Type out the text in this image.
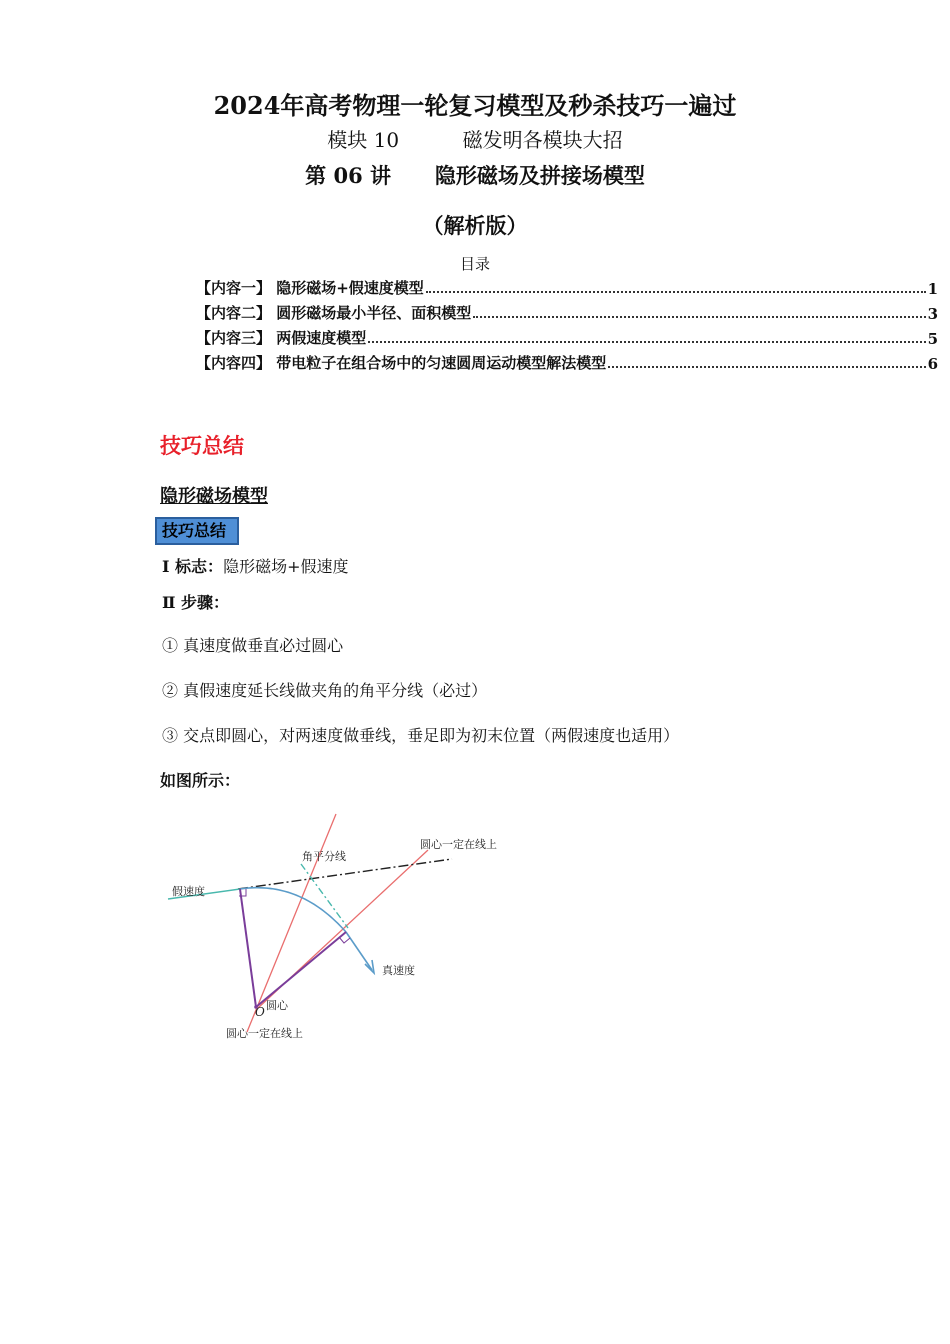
2024年高考物理一轮复习模型及秒杀技巧一遍过
模块 10          磁发明各模块大招
第 06 讲      隐形磁场及拼接场模型
（解析版）
目录
【内容一】 隐形磁场+假速度模型	1
【内容二】 圆形磁场最小半径、面积模型	3
【内容三】 两假速度模型	5
【内容四】 带电粒子在组合场中的匀速圆周运动模型解法模型	6
技巧总结
隐形磁场模型
技巧总结
Ⅰ 标志：隐形磁场+假速度
Ⅱ 步骤：
① 真速度做垂直必过圆心
② 真假速度延长线做夹角的角平分线（必过）
③ 交点即圆心，对两速度做垂线，垂足即为初末位置（两假速度也适用）
如图所示：
角平分线
圆心一定在线上
假速度
真速度
圆心
O
圆心一定在线上
